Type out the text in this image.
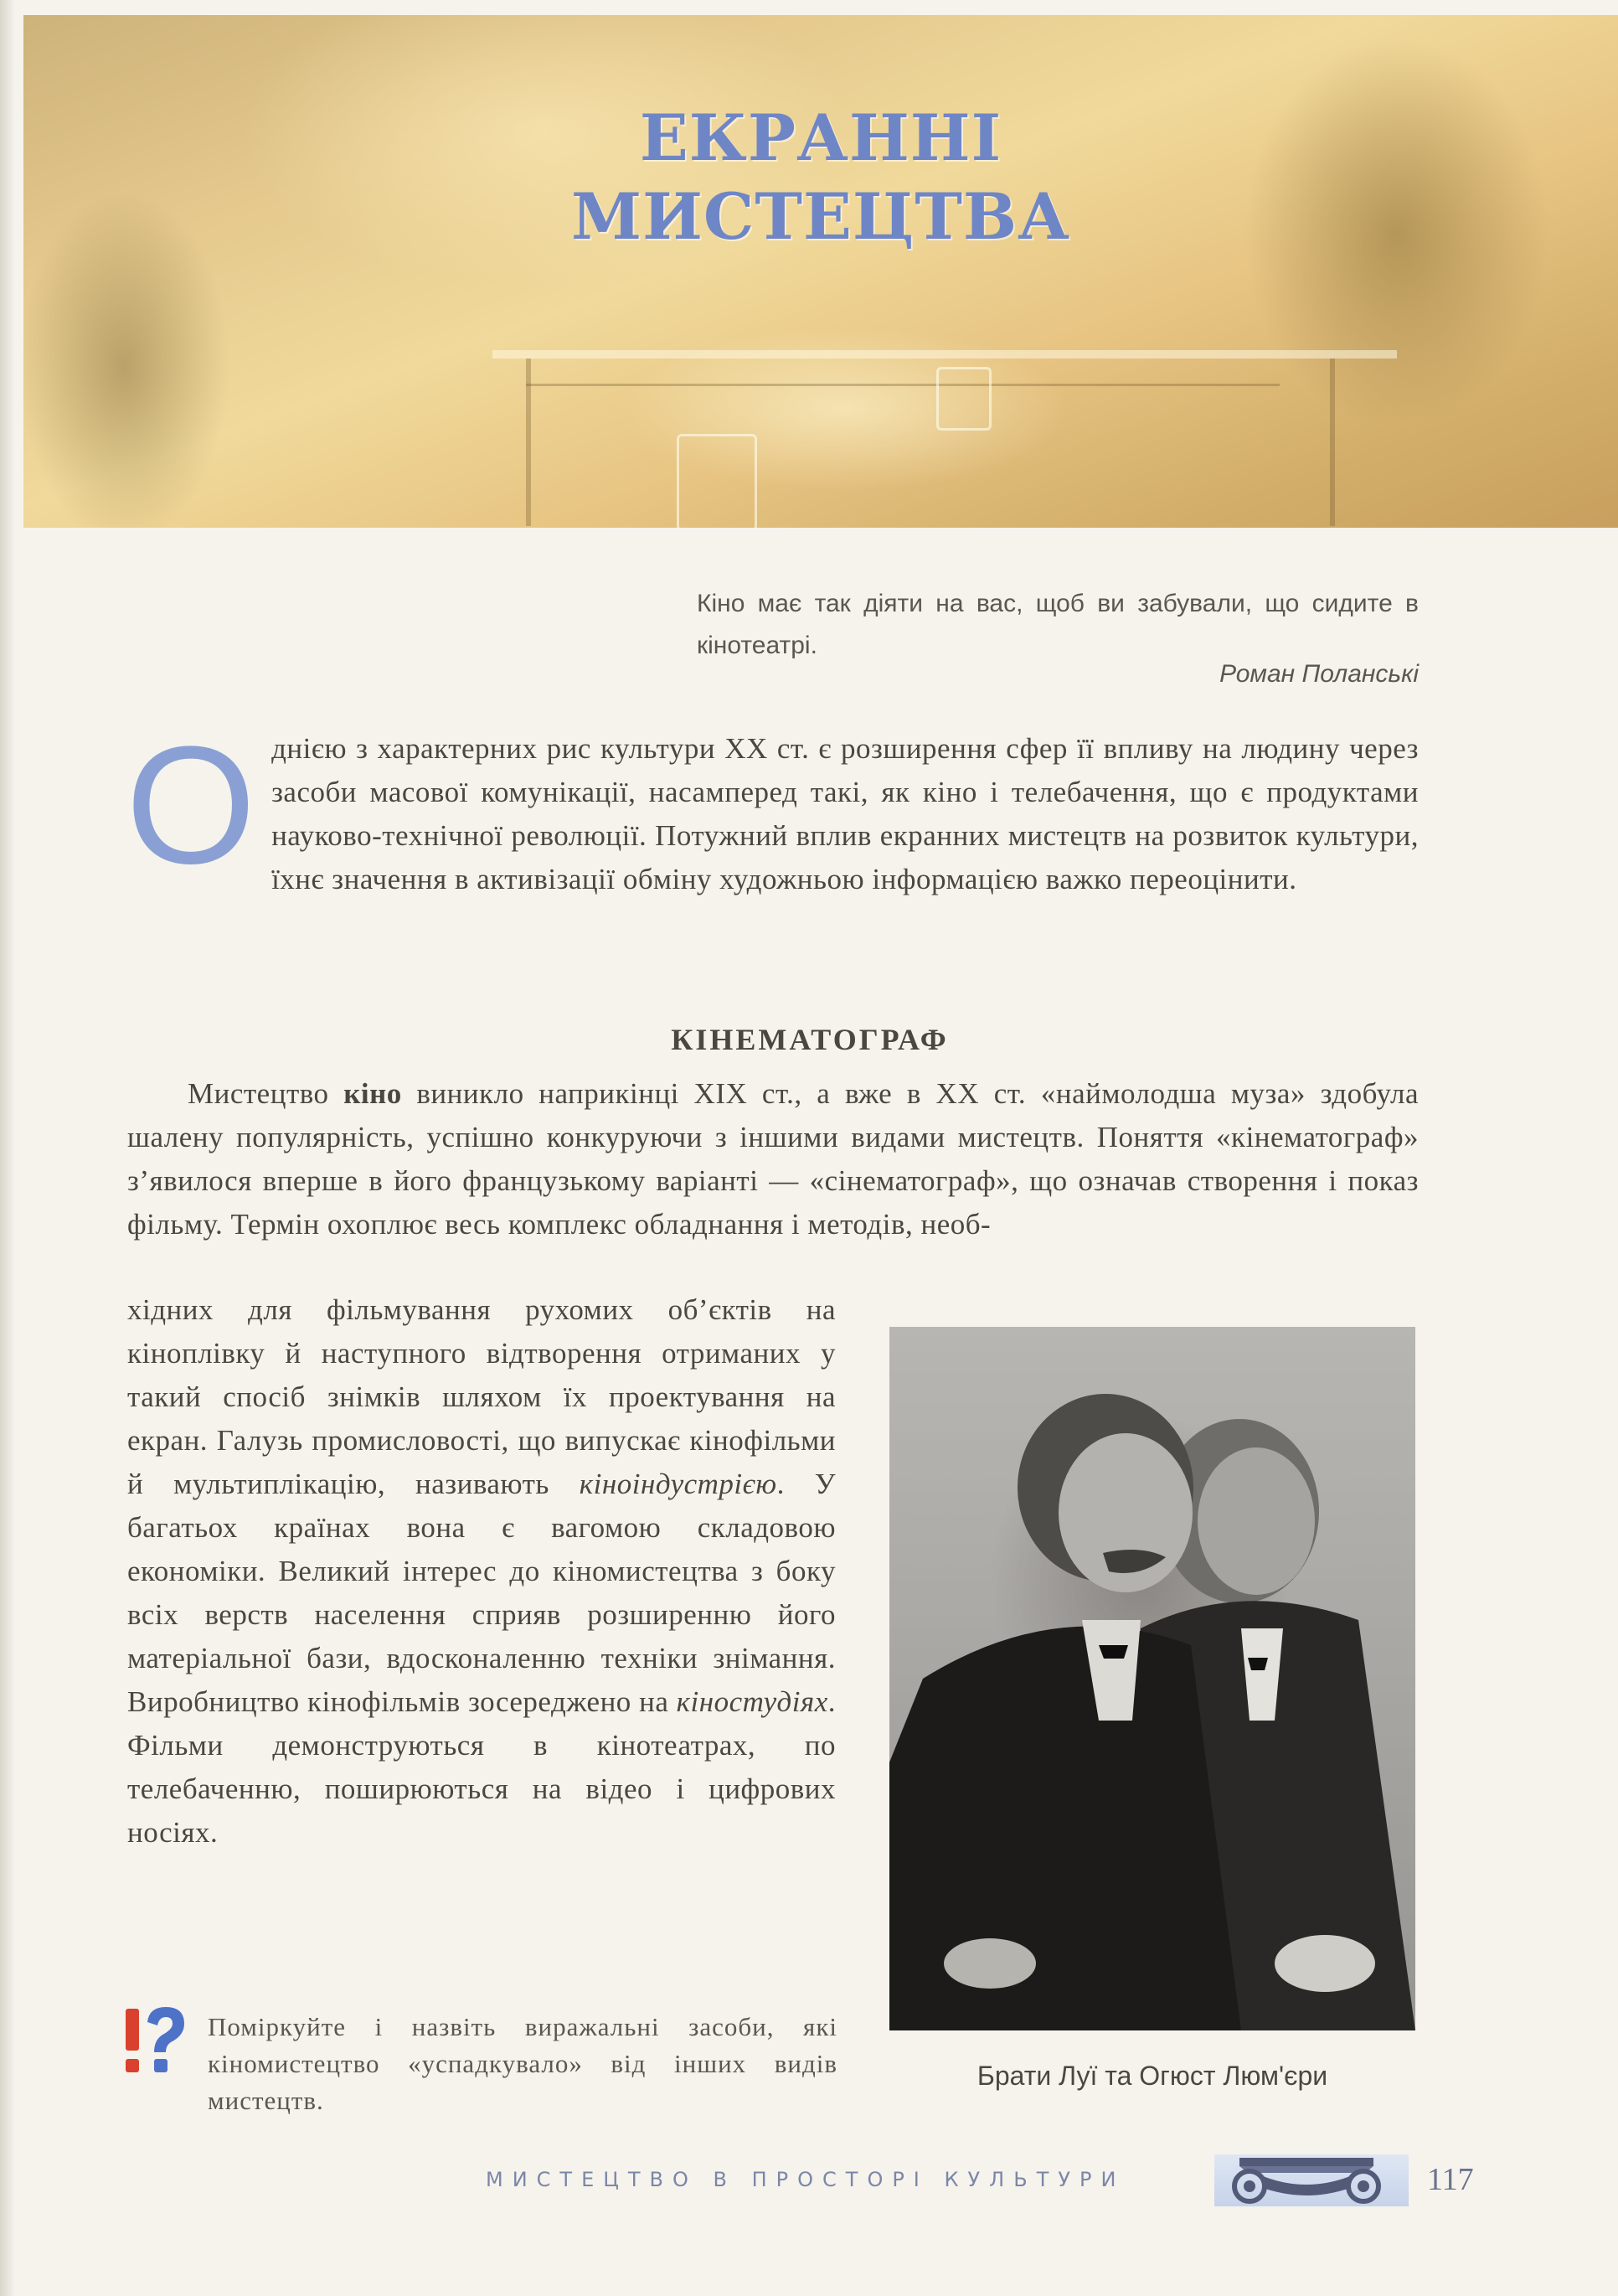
ЕКРАННІ
МИСТЕЦТВА
Кіно має так діяти на вас, щоб ви забували, що сидите в кінотеатрі.
Роман Поланські

Однією з характерних рис культури XX ст. є розширення сфер її впливу на людину через засоби масової комунікації, насамперед такі, як кіно і телебачення, що є продуктами науково-технічної революції. Потужний вплив екранних мистецтв на розвиток культури, їхнє значення в активізації обміну художньою інформацією важко переоцінити.

КІНЕМАТОГРАФ

Мистецтво кіно виникло наприкінці XIX ст., а вже в XX ст. «наймолодша муза» здобула шалену популярність, успішно конкуруючи з іншими видами мистецтв. Поняття «кінематограф» з’явилося вперше в його французькому варіанті — «сінематограф», що означав створення і показ фільму. Термін охоплює весь комплекс обладнання і методів, необ-

хідних для фільмування рухомих об’єктів на кіноплівку й наступного відтворення отриманих у такий спосіб знімків шляхом їх проектування на екран. Галузь промисловості, що випускає кінофільми й мультиплікацію, називають кіноіндустрією. У багатьох країнах вона є вагомою складовою економіки. Великий інтерес до кіномистецтва з боку всіх верств населення сприяв розширенню його матеріальної бази, вдосконаленню техніки знімання. Виробництво кінофільмів зосереджено на кіностудіях. Фільми демонструються в кінотеатрах, по телебаченню, поширюються на відео і цифрових носіях.

Брати Луї та Огюст Люм'єри

Поміркуйте і назвіть виражальні засоби, які кіномистецтво «успадкувало» від інших видів мистецтв.

МИСТЕЦТВО В ПРОСТОРІ КУЛЬТУРИ	117
